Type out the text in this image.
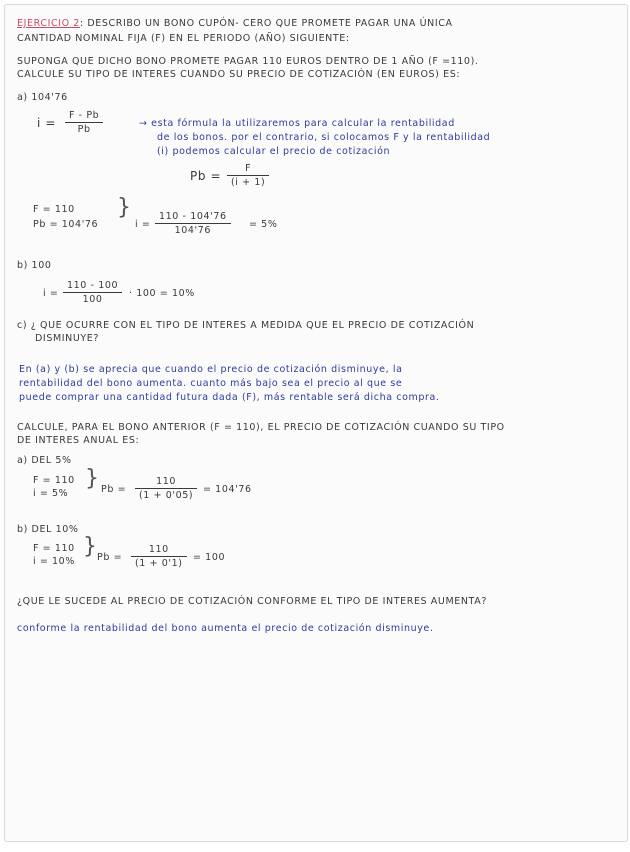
EJERCICIO 2: DESCRIBO UN BONO CUPÓN- CERO QUE PROMETE PAGAR UNA ÚNICA
CANTIDAD NOMINAL FIJA (F) EN EL PERIODO (AÑO) SIGUIENTE:
SUPONGA QUE DICHO BONO PROMETE PAGAR 110 EUROS DENTRO DE 1 AÑO (F =110).
CALCULE SU TIPO DE INTERES CUANDO SU PRECIO DE COTIZACIÓN (EN EUROS) ES:
a) 104'76
$i = \frac{F - Pb}{Pb}$	→ esta fórmula la utilizaremos para calcular la rentabilidad
de los bonos. por el contrario, si colocamos F y la rentabilidad
(i) podemos calcular el precio de cotización
$Pb = \frac{F}{(i + 1)}$
F = 110
Pb = 104'76
}
$i = \frac{110 - 104'76}{104'76} = 5\%$
b) 100
$i = \frac{110 - 100}{100} \cdot 100 = 10\%$
c) ¿ QUE OCURRE CON EL TIPO DE INTERES A MEDIDA QUE EL PRECIO DE COTIZACIÓN
DISMINUYE?
En (a) y (b) se aprecia que cuando el precio de cotización disminuye, la
rentabilidad del bono aumenta. cuanto más bajo sea el precio al que se
puede comprar una cantidad futura dada (F), más rentable será dicha compra.
CALCULE, PARA EL BONO ANTERIOR (F = 110), EL PRECIO DE COTIZACIÓN CUANDO SU TIPO
DE INTERES ANUAL ES:
a) DEL 5%
F = 110
i = 5%
} $Pb = \frac{110}{(1 + 0'05)} = 104'76$
b) DEL 10%
F = 110
i = 10%
} $Pb = \frac{110}{(1 + 0'1)} = 100$
¿QUE LE SUCEDE AL PRECIO DE COTIZACIÓN CONFORME EL TIPO DE INTERES AUMENTA?
conforme la rentabilidad del bono aumenta el precio de cotización disminuye.
